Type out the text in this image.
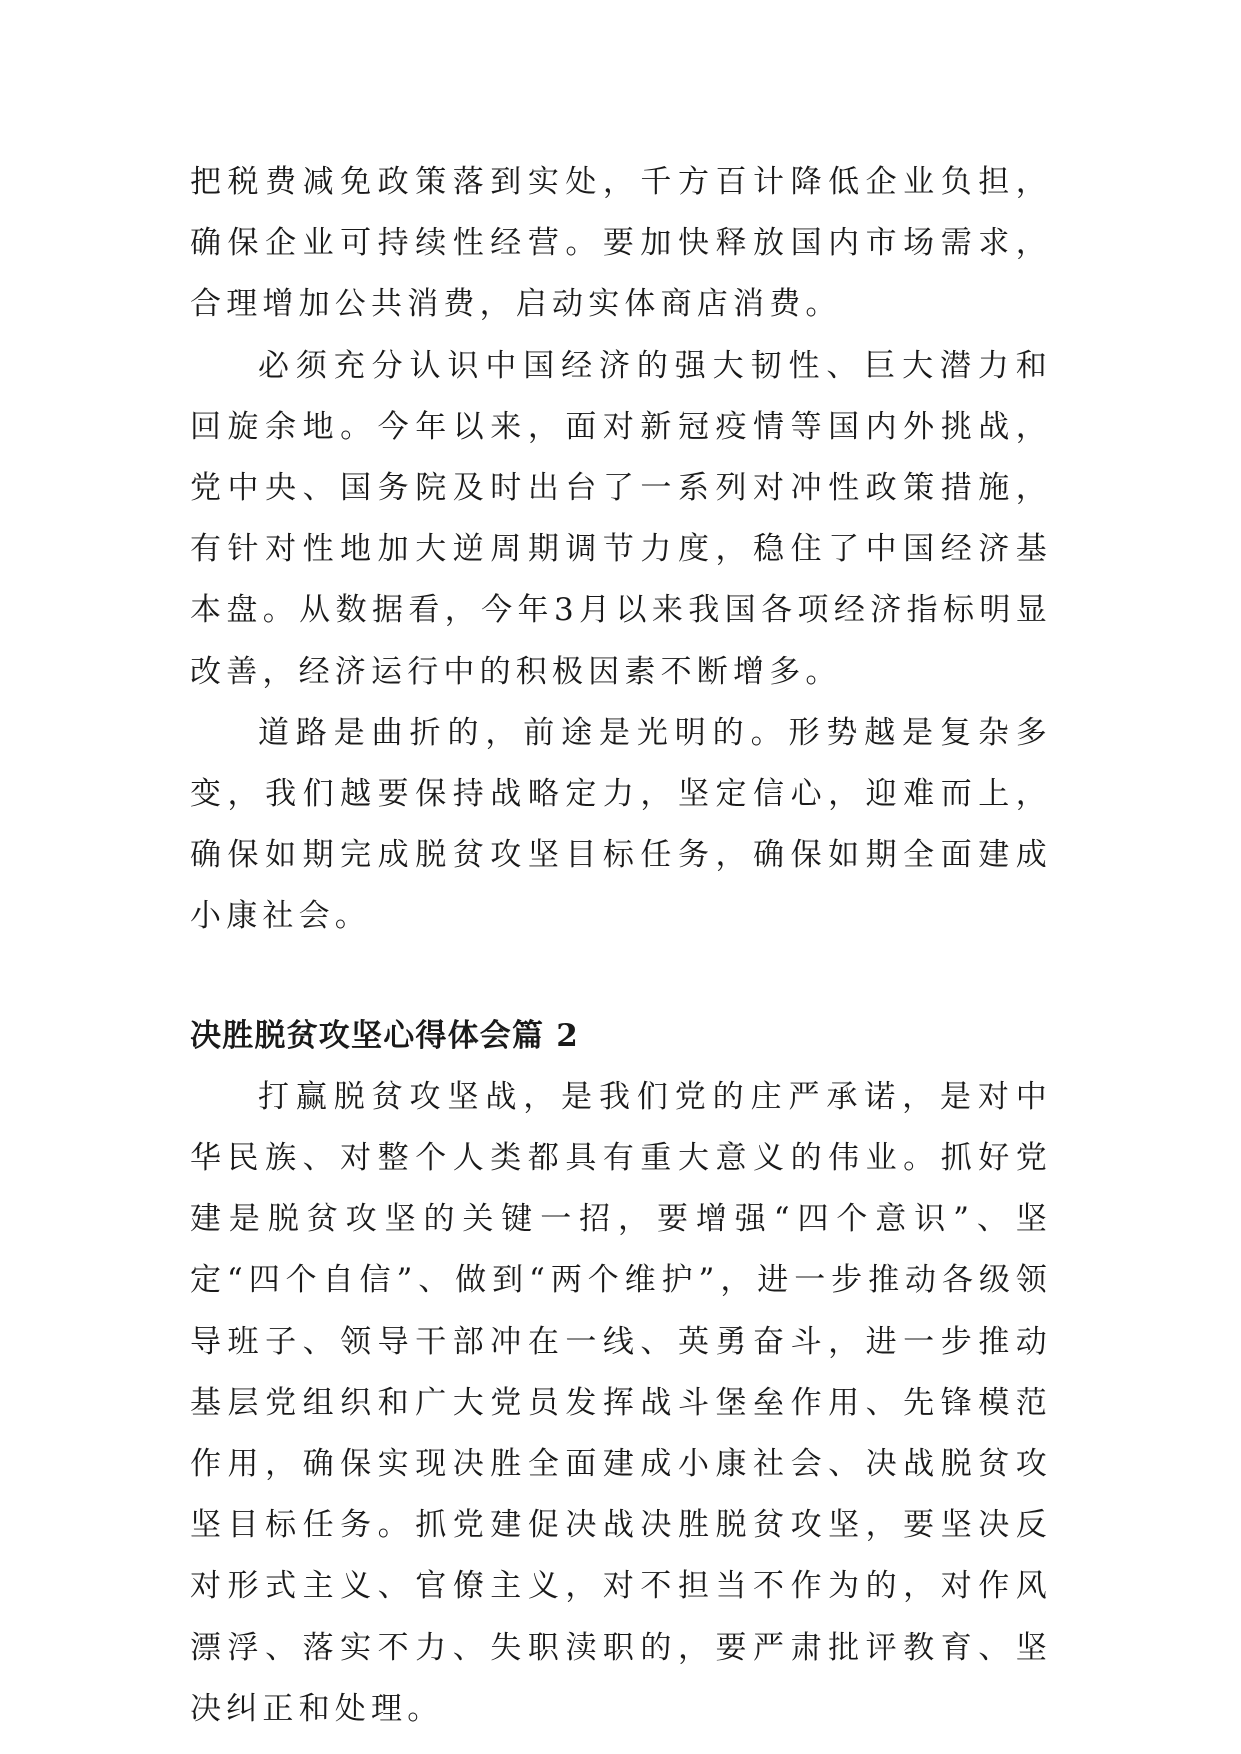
把税费减免政策落到实处，千方百计降低企业负担，确保企业可持续性经营。要加快释放国内市场需求，合理增加公共消费，启动实体商店消费。

必须充分认识中国经济的强大韧性、巨大潜力和回旋余地。今年以来，面对新冠疫情等国内外挑战，党中央、国务院及时出台了一系列对冲性政策措施，有针对性地加大逆周期调节力度，稳住了中国经济基本盘。从数据看，今年3月以来我国各项经济指标明显改善，经济运行中的积极因素不断增多。

道路是曲折的，前途是光明的。形势越是复杂多变，我们越要保持战略定力，坚定信心，迎难而上，确保如期完成脱贫攻坚目标任务，确保如期全面建成小康社会。

决胜脱贫攻坚心得体会篇 2

打赢脱贫攻坚战，是我们党的庄严承诺，是对中华民族、对整个人类都具有重大意义的伟业。抓好党建是脱贫攻坚的关键一招，要增强“四个意识”、坚定“四个自信”、做到“两个维护”，进一步推动各级领导班子、领导干部冲在一线、英勇奋斗，进一步推动基层党组织和广大党员发挥战斗堡垒作用、先锋模范作用，确保实现决胜全面建成小康社会、决战脱贫攻坚目标任务。抓党建促决战决胜脱贫攻坚，要坚决反对形式主义、官僚主义，对不担当不作为的，对作风漂浮、落实不力、失职渎职的，要严肃批评教育、坚决纠正和处理。
